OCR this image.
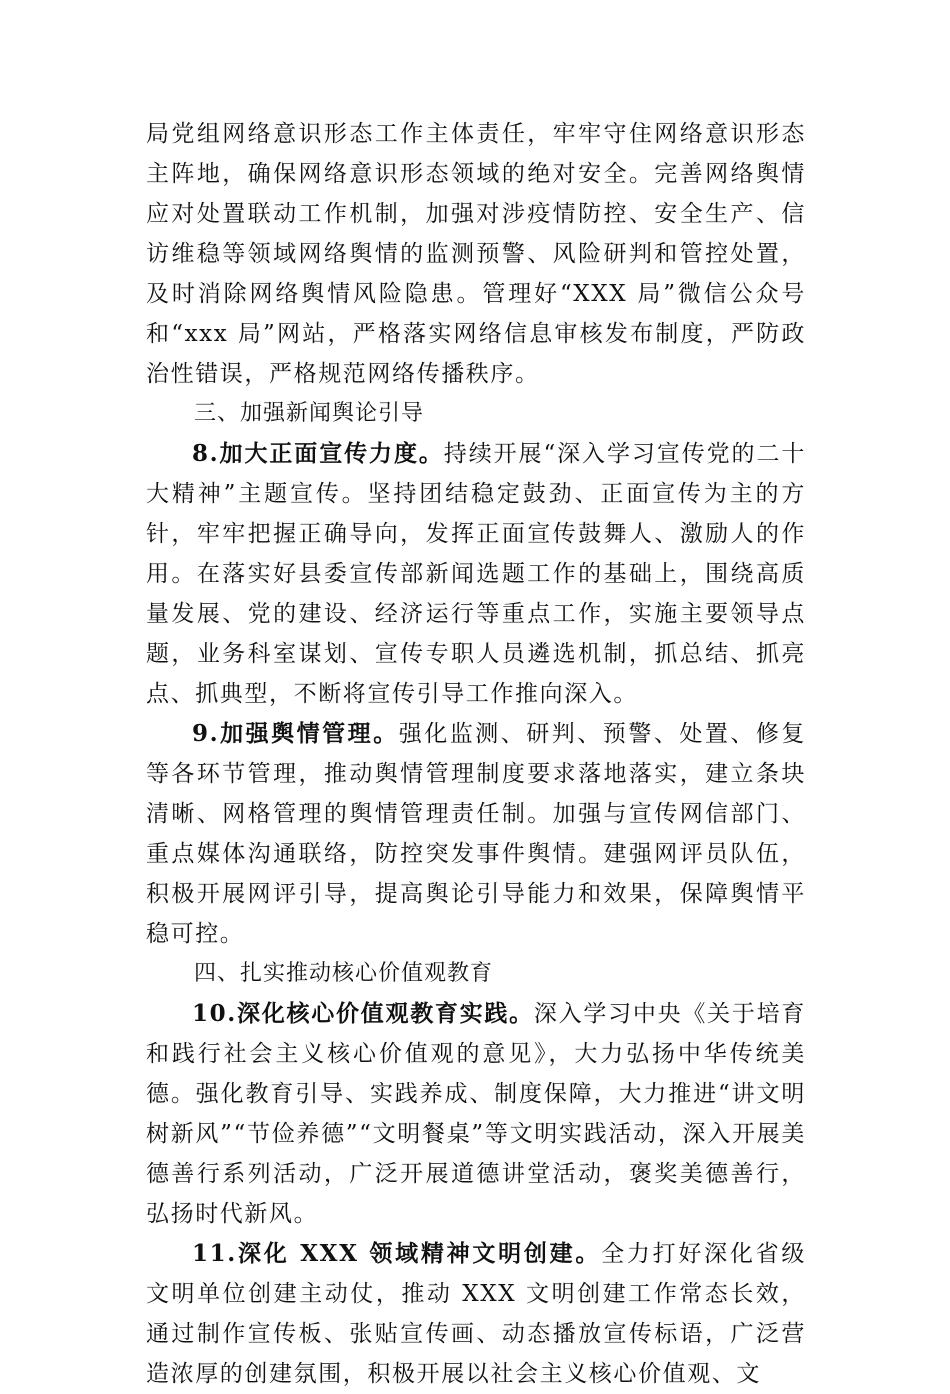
局党组网络意识形态工作主体责任，牢牢守住网络意识形态主阵地，确保网络意识形态领域的绝对安全。完善网络舆情应对处置联动工作机制，加强对涉疫情防控、安全生产、信访维稳等领域网络舆情的监测预警、风险研判和管控处置，及时消除网络舆情风险隐患。管理好“XXX 局”微信公众号和“xxx 局”网站，严格落实网络信息审核发布制度，严防政治性错误，严格规范网络传播秩序。

三、加强新闻舆论引导

8.加大正面宣传力度。持续开展“深入学习宣传党的二十大精神”主题宣传。坚持团结稳定鼓劲、正面宣传为主的方针，牢牢把握正确导向，发挥正面宣传鼓舞人、激励人的作用。在落实好县委宣传部新闻选题工作的基础上，围绕高质量发展、党的建设、经济运行等重点工作，实施主要领导点题，业务科室谋划、宣传专职人员遴选机制，抓总结、抓亮点、抓典型，不断将宣传引导工作推向深入。

9.加强舆情管理。强化监测、研判、预警、处置、修复等各环节管理，推动舆情管理制度要求落地落实，建立条块清晰、网格管理的舆情管理责任制。加强与宣传网信部门、重点媒体沟通联络，防控突发事件舆情。建强网评员队伍，积极开展网评引导，提高舆论引导能力和效果，保障舆情平稳可控。

四、扎实推动核心价值观教育

10.深化核心价值观教育实践。深入学习中央《关于培育和践行社会主义核心价值观的意见》，大力弘扬中华传统美德。强化教育引导、实践养成、制度保障，大力推进“讲文明树新风”“节俭养德”“文明餐桌”等文明实践活动，深入开展美德善行系列活动，广泛开展道德讲堂活动，褒奖美德善行，弘扬时代新风。

11.深化 XXX 领域精神文明创建。全力打好深化省级文明单位创建主动仗，推动 XXX 文明创建工作常态长效，通过制作宣传板、张贴宣传画、动态播放宣传标语，广泛营造浓厚的创建氛围，积极开展以社会主义核心价值观、文
